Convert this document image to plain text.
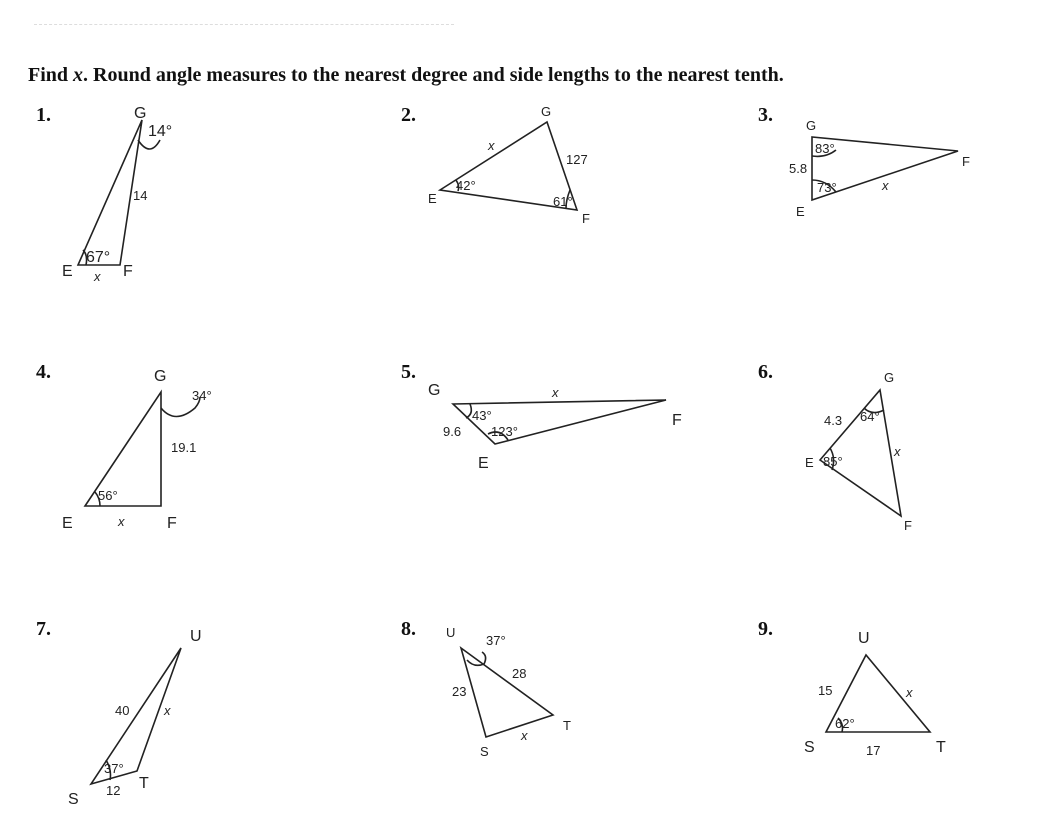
Find x. Round angle measures to the nearest degree and side lengths to the nearest tenth.
1.	2.	3.
4.	5.	6.
7.	8.	9.
G
E	F
14°
14
67°
x
G
E
F
42°
61°
127
x
G
E
F
83°
73°
5.8
x
G
E	F
34°
56°
19.1
x
G
E
F
43°
123°
9.6
x
G
E
F
64°
85°
4.3
x
U
S
T
37°
40
12
x
U
S
T
37°
23
28
x
U
S	T
62°
15
17
x
